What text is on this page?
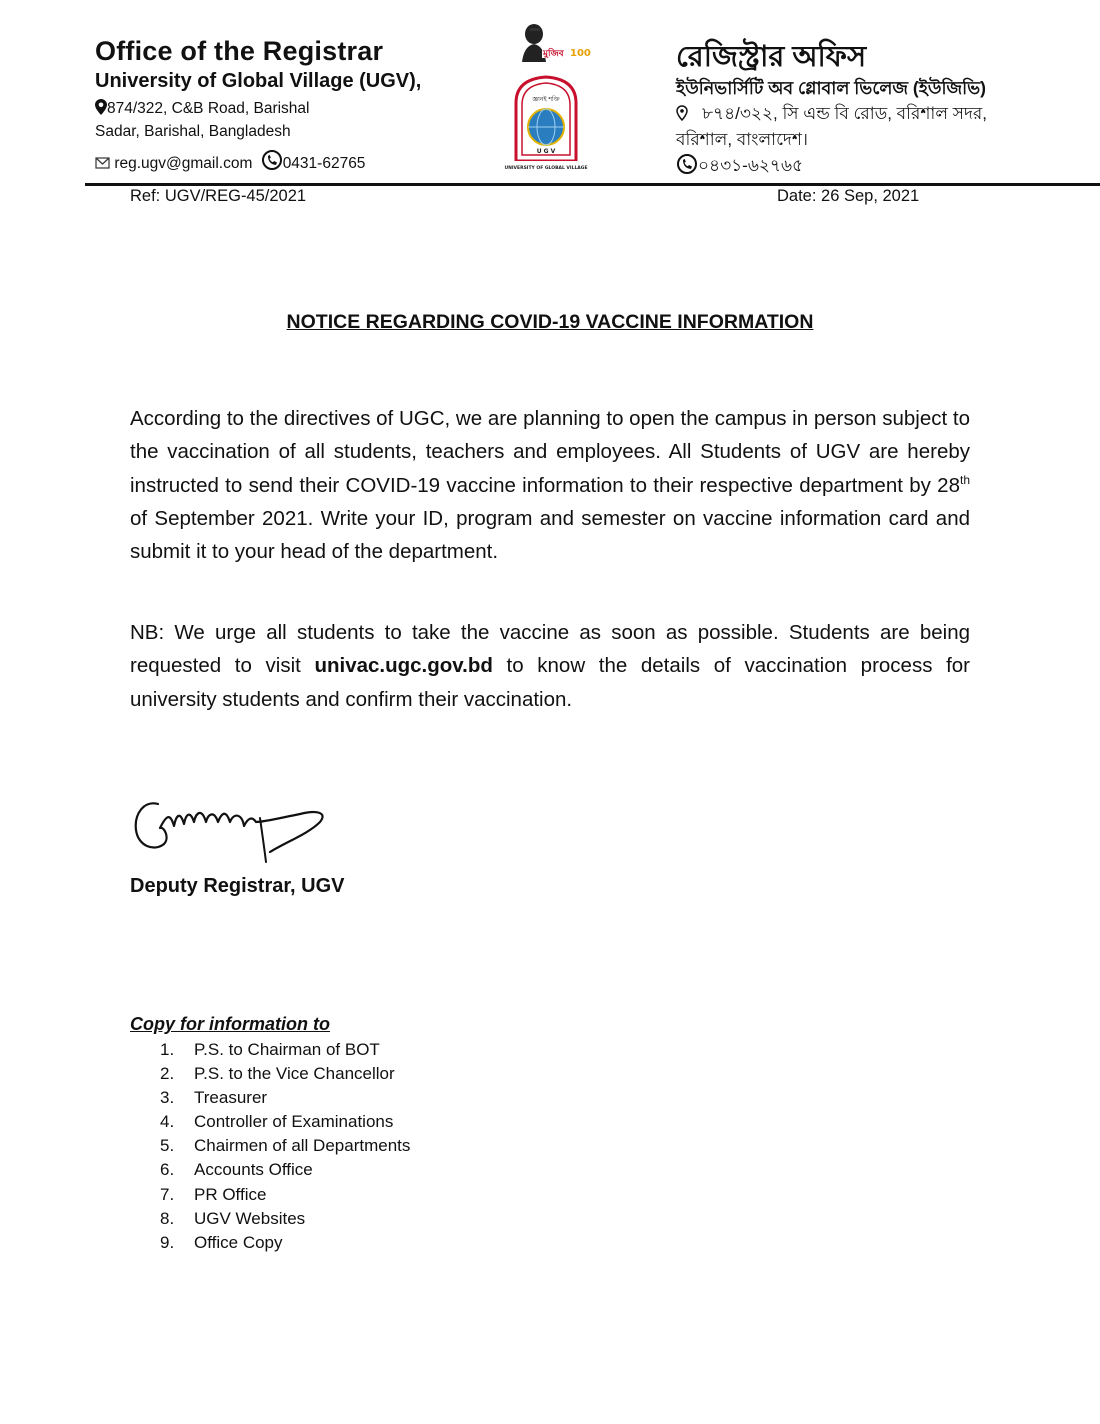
Office of the Registrar
University of Global Village (UGV),
874/322, C&B Road, Barishal
Sadar, Barishal, Bangladesh
reg.ugv@gmail.com 0431-62765
মুজিব 100
জ্ঞানই শক্তি
U G V
UNIVERSITY OF GLOBAL VILLAGE
রেজিস্ট্রার অফিস
ইউনিভার্সিটি অব গ্লোবাল ভিলেজ (ইউজিভি)
৮৭৪/৩২২, সি এন্ড বি রোড, বরিশাল সদর,
বরিশাল, বাংলাদেশ।
০৪৩১-৬২৭৬৫
Ref: UGV/REG-45/2021	Date: 26 Sep, 2021
NOTICE REGARDING COVID-19 VACCINE INFORMATION
According to the directives of UGC, we are planning to open the campus in person subject to the vaccination of all students, teachers and employees. All Students of UGV are hereby instructed to send their COVID-19 vaccine information to their respective department by 28th of September 2021. Write your ID, program and semester on vaccine information card and submit it to your head of the department.
NB: We urge all students to take the vaccine as soon as possible. Students are being requested to visit univac.ugc.gov.bd to know the details of vaccination process for university students and confirm their vaccination.
Deputy Registrar, UGV
Copy for information to
1. P.S. to Chairman of BOT
2. P.S. to the Vice Chancellor
3. Treasurer
4. Controller of Examinations
5. Chairmen of all Departments
6. Accounts Office
7. PR Office
8. UGV Websites
9. Office Copy
